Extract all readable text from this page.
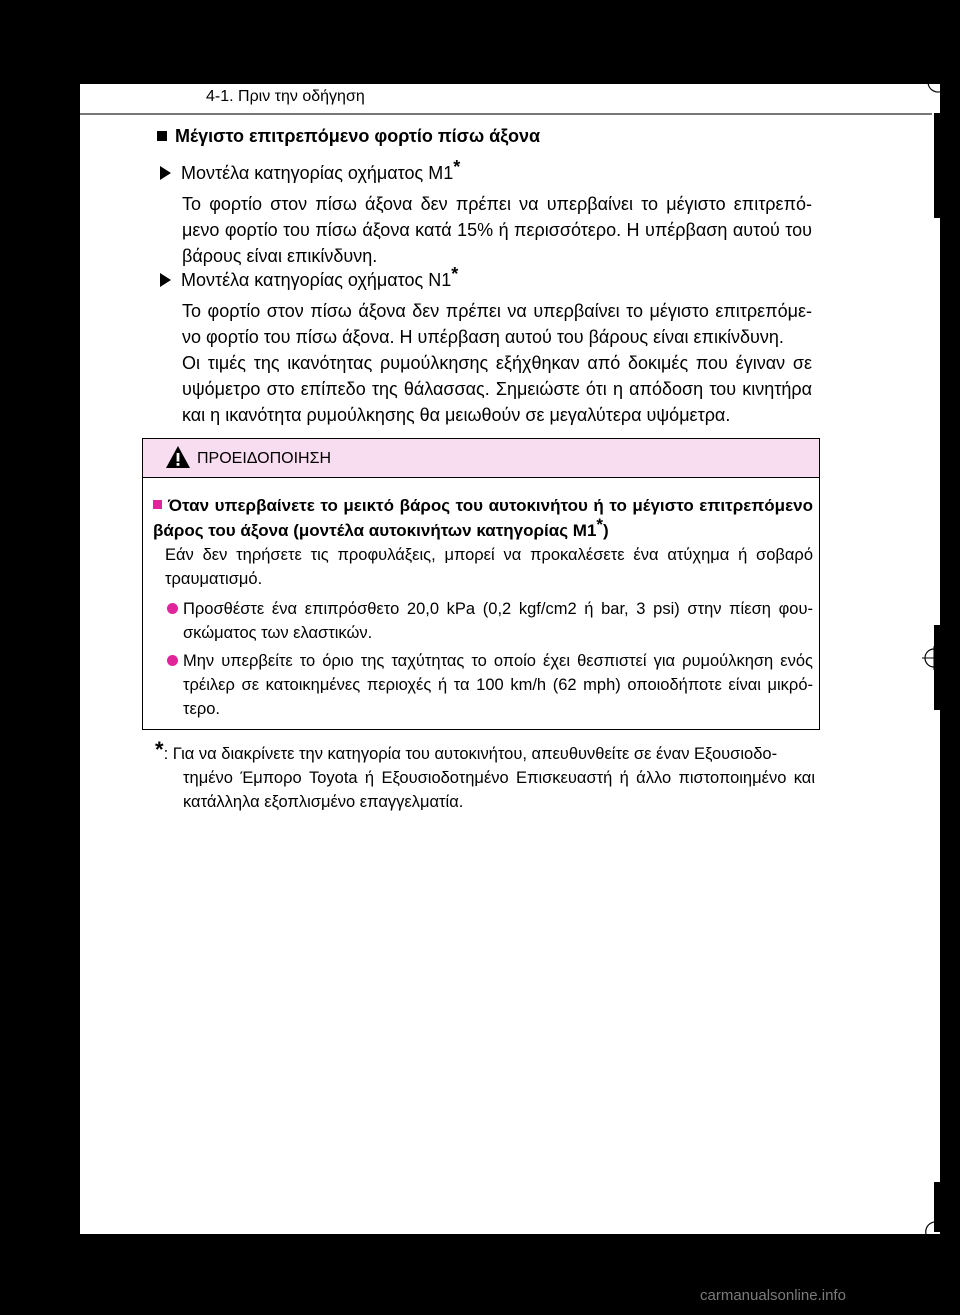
4-1. Πριν την οδήγηση
Μέγιστο επιτρεπόμενο φορτίο πίσω άξονα
Μοντέλα κατηγορίας οχήματος M1*
Το φορτίο στον πίσω άξονα δεν πρέπει να υπερβαίνει το μέγιστο επιτρεπό-μενο φορτίο του πίσω άξονα κατά 15% ή περισσότερο. Η υπέρβαση αυτού του βάρους είναι επικίνδυνη.
Μοντέλα κατηγορίας οχήματος N1*
Το φορτίο στον πίσω άξονα δεν πρέπει να υπερβαίνει το μέγιστο επιτρεπόμε-νο φορτίο του πίσω άξονα. Η υπέρβαση αυτού του βάρους είναι επικίνδυνη.
Οι τιμές της ικανότητας ρυμούλκησης εξήχθηκαν από δοκιμές που έγιναν σε υψόμετρο στο επίπεδο της θάλασσας. Σημειώστε ότι η απόδοση του κινητήρα και η ικανότητα ρυμούλκησης θα μειωθούν σε μεγαλύτερα υψόμετρα.
ΠΡΟΕΙΔΟΠΟΙΗΣΗ
Όταν υπερβαίνετε το μεικτό βάρος του αυτοκινήτου ή το μέγιστο επιτρεπόμενο βάρος του άξονα (μοντέλα αυτοκινήτων κατηγορίας M1*)
Εάν δεν τηρήσετε τις προφυλάξεις, μπορεί να προκαλέσετε ένα ατύχημα ή σοβαρό τραυματισμό.
Προσθέστε ένα επιπρόσθετο 20,0 kPa (0,2 kgf/cm2 ή bar, 3 psi) στην πίεση φου-σκώματος των ελαστικών.
Μην υπερβείτε το όριο της ταχύτητας το οποίο έχει θεσπιστεί για ρυμούλκηση ενός τρέιλερ σε κατοικημένες περιοχές ή τα 100 km/h (62 mph) οποιοδήποτε είναι μικρό-τερο.
*: Για να διακρίνετε την κατηγορία του αυτοκινήτου, απευθυνθείτε σε έναν Εξουσιοδο-
τημένο Έμπορο Toyota ή Εξουσιοδοτημένο Επισκευαστή ή άλλο πιστοποιημένο και κατάλληλα εξοπλισμένο επαγγελματία.
carmanualsonline.info
